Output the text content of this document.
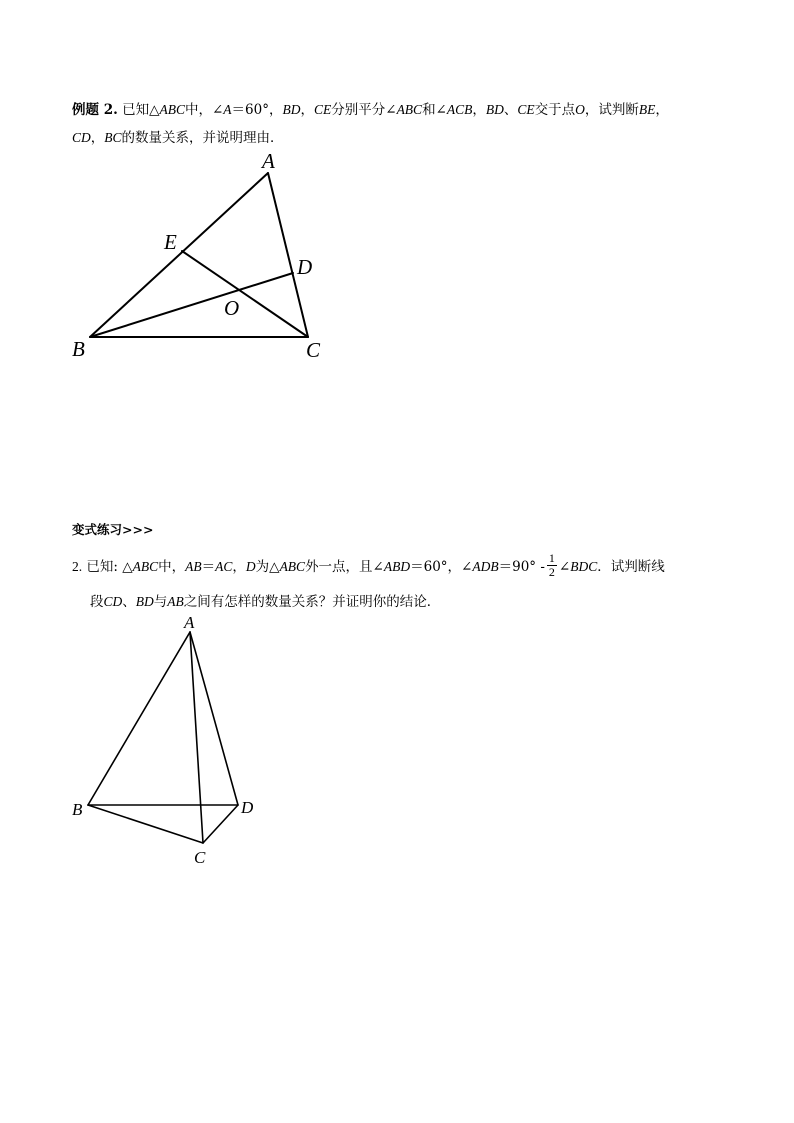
例题 2. 已知△ABC中，∠A＝60°，BD，CE分别平分∠ABC和∠ACB，BD、CE交于点O，试判断BE，
CD，BC的数量关系，并说明理由．
A
E
D
O
B	C
变式练习>>>
2. 已知: △ABC中，AB＝AC，D为△ABC外一点，且∠ABD＝60°，∠ADB＝90° - $\frac{1}{2}$ ∠BDC．试判断线
段CD、BD与AB之间有怎样的数量关系？并证明你的结论．
A
B	D
C
